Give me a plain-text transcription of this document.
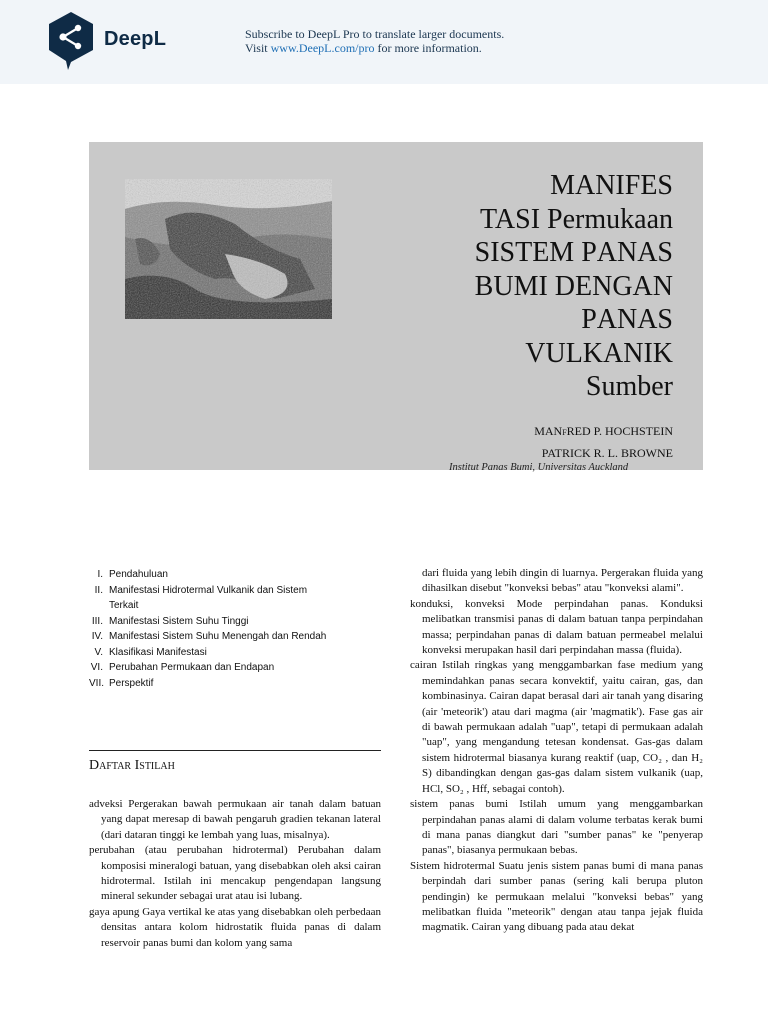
DeepL	Subscribe to DeepL Pro to translate larger documents.
Visit www.DeepL.com/pro for more information.
MANIFES
TASI Permukaan
SISTEM PANAS
BUMI DENGAN
PANAS
VULKANIK
Sumber
MANfRED P. HOCHSTEIN
PATRICK R. L. BROWNE
Institut Panas Bumi, Universitas Auckland
I. Pendahuluan
II. Manifestasi Hidrotermal Vulkanik dan Sistem Terkait
III. Manifestasi Sistem Suhu Tinggi
IV. Manifestasi Sistem Suhu Menengah dan Rendah
V. Klasifikasi Manifestasi
VI. Perubahan Permukaan dan Endapan
VII. Perspektif
Daftar Istilah

adveksi Pergerakan bawah permukaan air tanah dalam batuan yang dapat meresap di bawah pengaruh gradien tekanan lateral (dari dataran tinggi ke lembah yang luas, misalnya).

perubahan (atau perubahan hidrotermal) Perubahan dalam komposisi mineralogi batuan, yang disebabkan oleh aksi cairan hidrotermal. Istilah ini mencakup pengendapan langsung mineral sekunder sebagai urat atau isi lubang.

gaya apung Gaya vertikal ke atas yang disebabkan oleh perbedaan densitas antara kolom hidrostatik fluida panas di dalam reservoir panas bumi dan kolom yang sama

dari fluida yang lebih dingin di luarnya. Pergerakan fluida yang dihasilkan disebut "konveksi bebas" atau "konveksi alami".

konduksi, konveksi Mode perpindahan panas. Konduksi melibatkan transmisi panas di dalam batuan tanpa perpindahan massa; perpindahan panas di dalam batuan permeabel melalui konveksi merupakan hasil dari perpindahan massa (fluida).

cairan Istilah ringkas yang menggambarkan fase medium yang memindahkan panas secara konvektif, yaitu cairan, gas, dan kombinasinya. Cairan dapat berasal dari air tanah yang disaring (air 'meteorik') atau dari magma (air 'magmatik'). Fase gas air di bawah permukaan adalah "uap", tetapi di permukaan adalah "uap", yang mengandung tetesan kondensat. Gas-gas dalam sistem hidrotermal biasanya kurang reaktif (uap, CO₂ , dan H₂ S) dibandingkan dengan gas-gas dalam sistem vulkanik (uap, HCl, SO₂ , Hff, sebagai contoh).

sistem panas bumi Istilah umum yang menggambarkan perpindahan panas alami di dalam volume terbatas kerak bumi di mana panas diangkut dari "sumber panas" ke "penyerap panas", biasanya permukaan bebas.

Sistem hidrotermal Suatu jenis sistem panas bumi di mana panas berpindah dari sumber panas (sering kali berupa pluton pendingin) ke permukaan melalui "konveksi bebas" yang melibatkan fluida "meteorik" dengan atau tanpa jejak fluida magmatik. Cairan yang dibuang pada atau dekat
